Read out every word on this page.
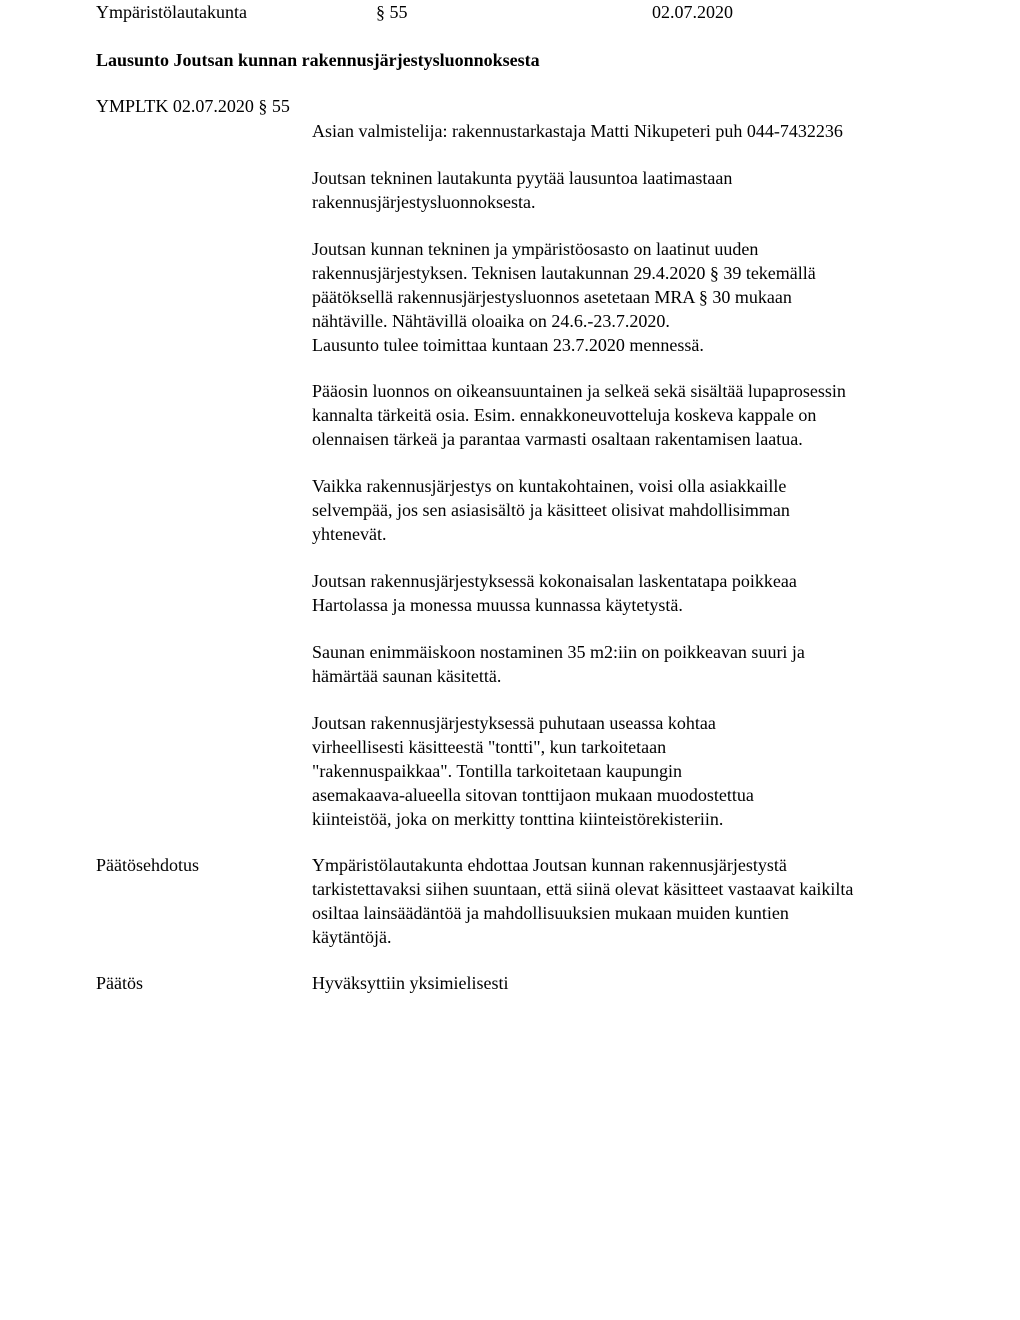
Ympäristölautakunta	§ 55	02.07.2020

Lausunto Joutsan kunnan rakennusjärjestysluonnoksesta

YMPLTK 02.07.2020 § 55

Asian valmistelija: rakennustarkastaja Matti Nikupeteri puh 044-7432236

Joutsan tekninen lautakunta pyytää lausuntoa laatimastaan
rakennusjärjestysluonnoksesta.

Joutsan kunnan tekninen ja ympäristöosasto on laatinut uuden
rakennusjärjestyksen. Teknisen lautakunnan 29.4.2020 § 39 tekemällä
päätöksellä rakennusjärjestysluonnos asetetaan MRA § 30 mukaan
nähtäville. Nähtävillä oloaika on 24.6.-23.7.2020.
Lausunto tulee toimittaa kuntaan 23.7.2020 mennessä.

Pääosin luonnos on oikeansuuntainen ja selkeä sekä sisältää lupaprosessin
kannalta tärkeitä osia. Esim. ennakkoneuvotteluja koskeva kappale on
olennaisen tärkeä ja parantaa varmasti osaltaan rakentamisen laatua.

Vaikka rakennusjärjestys on kuntakohtainen, voisi olla asiakkaille
selvempää, jos sen asiasisältö ja käsitteet olisivat mahdollisimman
yhtenevät.

Joutsan rakennusjärjestyksessä kokonaisalan laskentatapa poikkeaa
Hartolassa ja monessa muussa kunnassa käytetystä.

Saunan enimmäiskoon nostaminen 35 m2:iin on poikkeavan suuri ja
hämärtää saunan käsitettä.

Joutsan rakennusjärjestyksessä puhutaan useassa kohtaa
virheellisesti käsitteestä "tontti", kun tarkoitetaan
"rakennuspaikkaa". Tontilla tarkoitetaan kaupungin
asemakaava-alueella sitovan tonttijaon mukaan muodostettua
kiinteistöä, joka on merkitty tonttina kiinteistörekisteriin.

Päätösehdotus	Ympäristölautakunta ehdottaa Joutsan kunnan rakennusjärjestystä
tarkistettavaksi siihen suuntaan, että siinä olevat käsitteet vastaavat kaikilta
osiltaa lainsäädäntöä ja mahdollisuuksien mukaan muiden kuntien
käytäntöjä.

Päätös	Hyväksyttiin yksimielisesti
